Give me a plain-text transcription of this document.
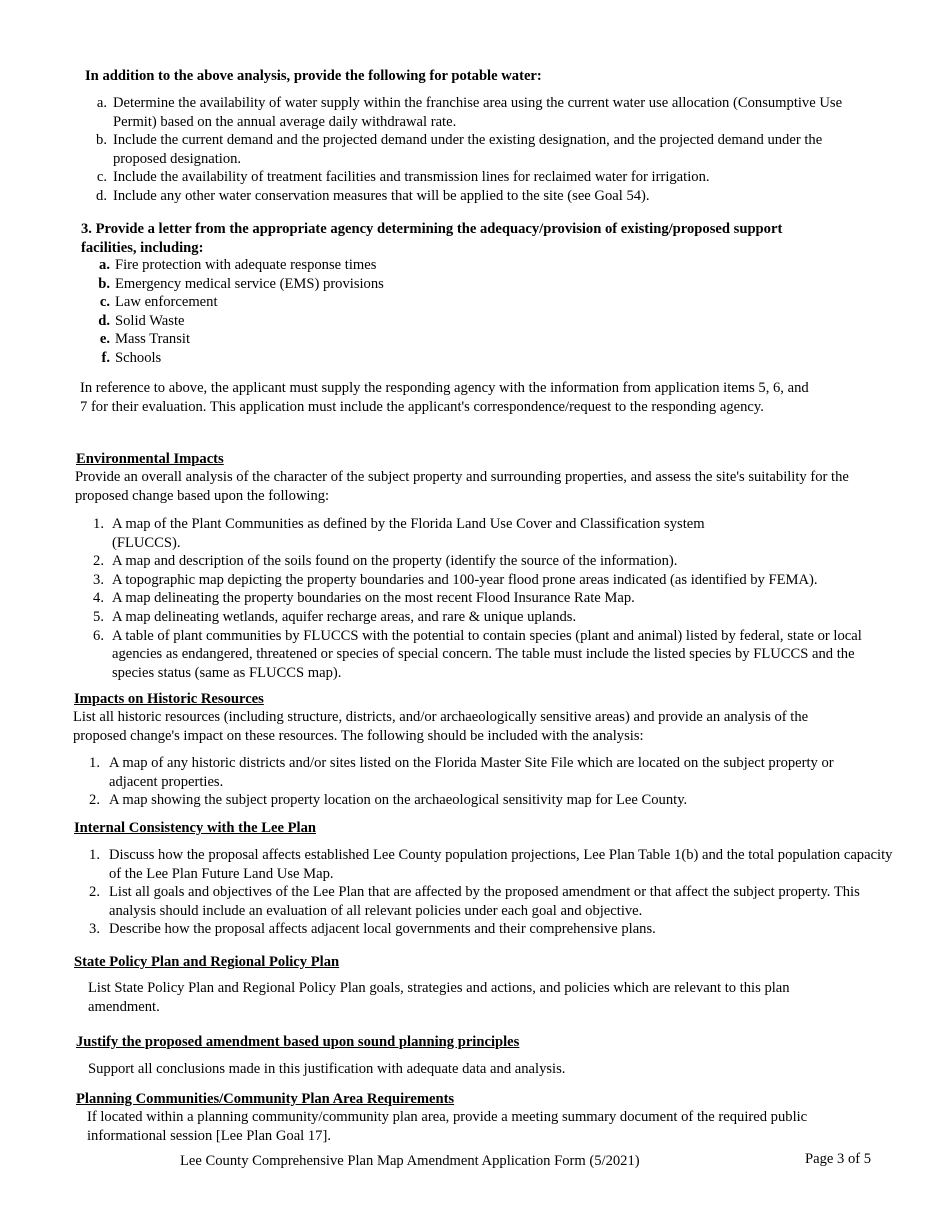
In addition to the above analysis, provide the following for potable water:
a. Determine the availability of water supply within the franchise area using the current water use allocation (Consumptive Use Permit) based on the annual average daily withdrawal rate.
b. Include the current demand and the projected demand under the existing designation, and the projected demand under the proposed designation.
c. Include the availability of treatment facilities and transmission lines for reclaimed water for irrigation.
d. Include any other water conservation measures that will be applied to the site (see Goal 54).
3. Provide a letter from the appropriate agency determining the adequacy/provision of existing/proposed support facilities, including:
a. Fire protection with adequate response times
b. Emergency medical service (EMS) provisions
c. Law enforcement
d. Solid Waste
e. Mass Transit
f. Schools
In reference to above, the applicant must supply the responding agency with the information from application items 5, 6, and 7 for their evaluation. This application must include the applicant's correspondence/request to the responding agency.
Environmental Impacts
Provide an overall analysis of the character of the subject property and surrounding properties, and assess the site's suitability for the proposed change based upon the following:
1. A map of the Plant Communities as defined by the Florida Land Use Cover and Classification system (FLUCCS).
2. A map and description of the soils found on the property (identify the source of the information).
3. A topographic map depicting the property boundaries and 100-year flood prone areas indicated (as identified by FEMA).
4. A map delineating the property boundaries on the most recent Flood Insurance Rate Map.
5. A map delineating wetlands, aquifer recharge areas, and rare & unique uplands.
6. A table of plant communities by FLUCCS with the potential to contain species (plant and animal) listed by federal, state or local agencies as endangered, threatened or species of special concern. The table must include the listed species by FLUCCS and the species status (same as FLUCCS map).
Impacts on Historic Resources
List all historic resources (including structure, districts, and/or archaeologically sensitive areas) and provide an analysis of the proposed change's impact on these resources. The following should be included with the analysis:
1. A map of any historic districts and/or sites listed on the Florida Master Site File which are located on the subject property or adjacent properties.
2. A map showing the subject property location on the archaeological sensitivity map for Lee County.
Internal Consistency with the Lee Plan
1. Discuss how the proposal affects established Lee County population projections, Lee Plan Table 1(b) and the total population capacity of the Lee Plan Future Land Use Map.
2. List all goals and objectives of the Lee Plan that are affected by the proposed amendment or that affect the subject property. This analysis should include an evaluation of all relevant policies under each goal and objective.
3. Describe how the proposal affects adjacent local governments and their comprehensive plans.
State Policy Plan and Regional Policy Plan
List State Policy Plan and Regional Policy Plan goals, strategies and actions, and policies which are relevant to this plan amendment.
Justify the proposed amendment based upon sound planning principles
Support all conclusions made in this justification with adequate data and analysis.
Planning Communities/Community Plan Area Requirements
If located within a planning community/community plan area, provide a meeting summary document of the required public informational session [Lee Plan Goal 17].
Lee County Comprehensive Plan Map Amendment Application Form (5/2021)	Page 3 of 5
